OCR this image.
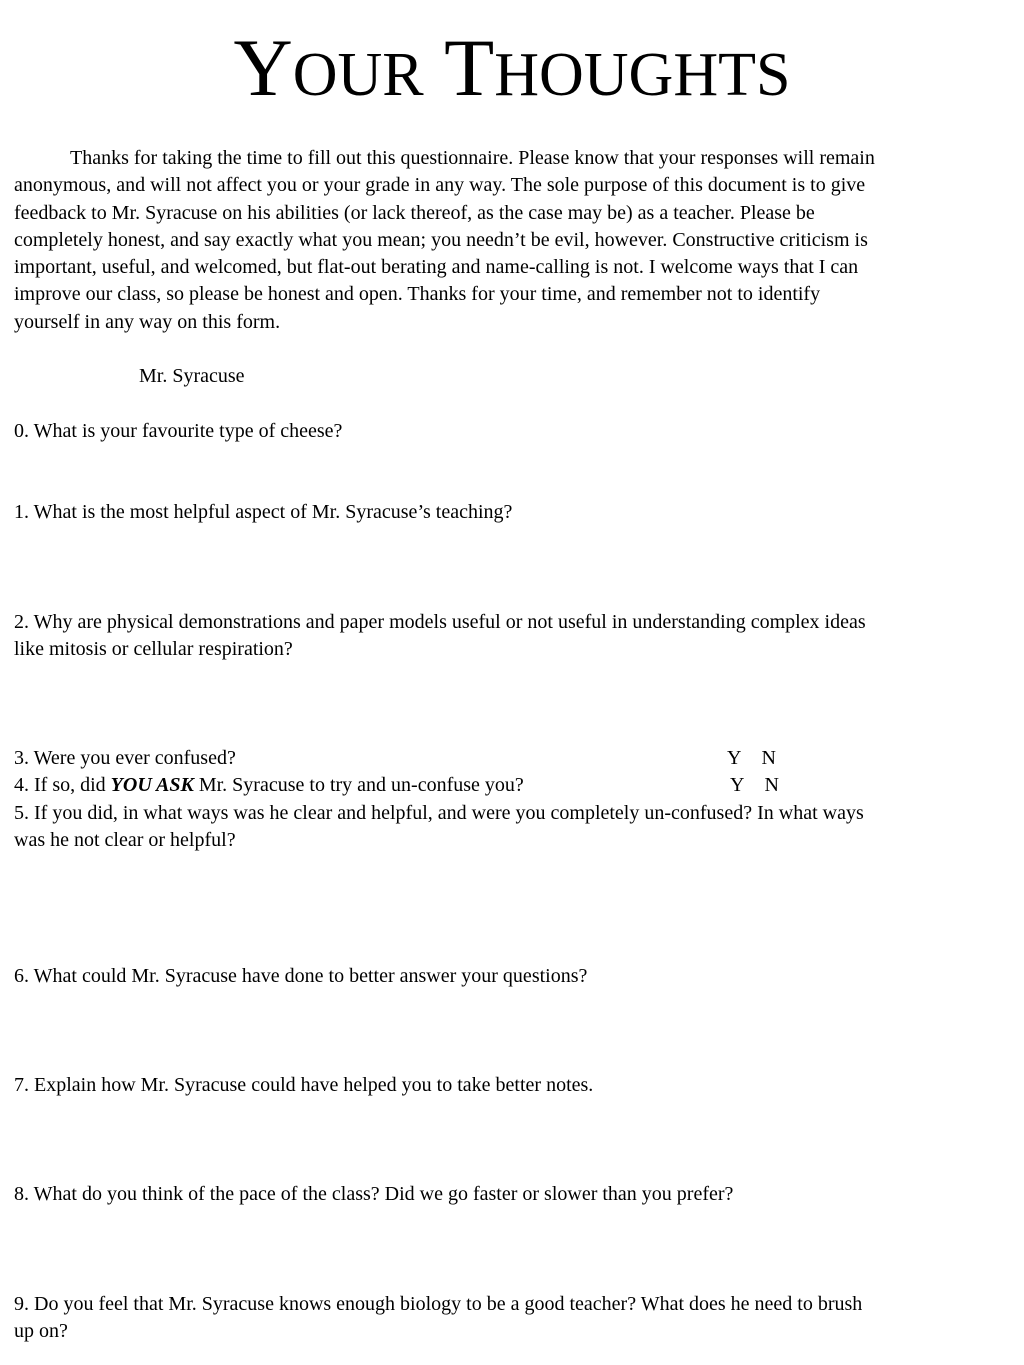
YOUR THOUGHTS
Thanks for taking the time to fill out this questionnaire. Please know that your responses will remain
anonymous, and will not affect you or your grade in any way. The sole purpose of this document is to give
feedback to Mr. Syracuse on his abilities (or lack thereof, as the case may be) as a teacher. Please be
completely honest, and say exactly what you mean; you needn’t be evil, however. Constructive criticism is
important, useful, and welcomed, but flat-out berating and name-calling is not. I welcome ways that I can
improve our class, so please be honest and open. Thanks for your time, and remember not to identify
yourself in any way on this form.
Mr. Syracuse
0. What is your favourite type of cheese?
1. What is the most helpful aspect of Mr. Syracuse’s teaching?
2. Why are physical demonstrations and paper models useful or not useful in understanding complex ideas
like mitosis or cellular respiration?
3. Were you ever confused?	Y N
4. If so, did YOU ASK Mr. Syracuse to try and un-confuse you?	Y N
5. If you did, in what ways was he clear and helpful, and were you completely un-confused? In what ways
was he not clear or helpful?
6. What could Mr. Syracuse have done to better answer your questions?
7. Explain how Mr. Syracuse could have helped you to take better notes.
8. What do you think of the pace of the class? Did we go faster or slower than you prefer?
9. Do you feel that Mr. Syracuse knows enough biology to be a good teacher? What does he need to brush
up on?
